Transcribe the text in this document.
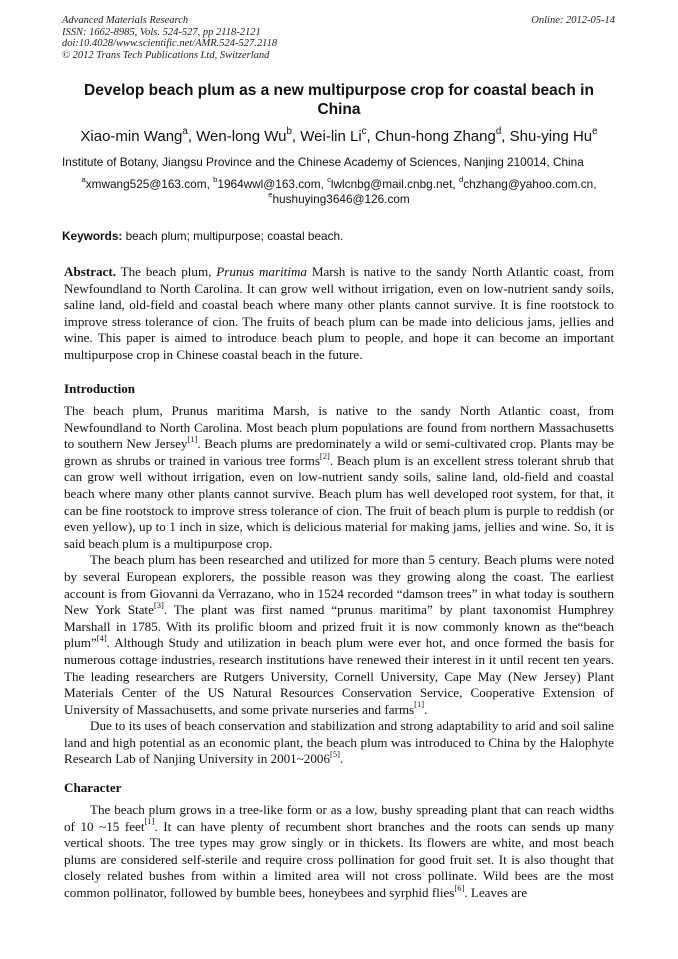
Advanced Materials Research
ISSN: 1662-8985, Vols. 524-527, pp 2118-2121
doi:10.4028/www.scientific.net/AMR.524-527.2118
© 2012 Trans Tech Publications Ltd, Switzerland
Online: 2012-05-14
Develop beach plum as a new multipurpose crop for coastal beach in China
Xiao-min Wang$^a$, Wen-long Wu$^b$, Wei-lin Li$^c$, Chun-hong Zhang$^d$, Shu-ying Hu$^e$
Institute of Botany, Jiangsu Province and the Chinese Academy of Sciences, Nanjing 210014, China
$^a$xmwang525@163.com, $^b$1964wwl@163.com, $^c$lwlcnbg@mail.cnbg.net, $^d$chzhang@yahoo.com.cn,
$^e$hushuying3646@126.com
Keywords: beach plum; multipurpose; coastal beach.

Abstract. The beach plum, Prunus maritima Marsh is native to the sandy North Atlantic coast, from Newfoundland to North Carolina. It can grow well without irrigation, even on low-nutrient sandy soils, saline land, old-field and coastal beach where many other plants cannot survive. It is fine rootstock to improve stress tolerance of cion. The fruits of beach plum can be made into delicious jams, jellies and wine. This paper is aimed to introduce beach plum to people, and hope it can become an important multipurpose crop in Chinese coastal beach in the future.

Introduction

The beach plum, Prunus maritima Marsh, is native to the sandy North Atlantic coast, from Newfoundland to North Carolina. Most beach plum populations are found from northern Massachusetts to southern New Jersey[1]. Beach plums are predominately a wild or semi-cultivated crop. Plants may be grown as shrubs or trained in various tree forms[2]. Beach plum is an excellent stress tolerant shrub that can grow well without irrigation, even on low-nutrient sandy soils, saline land, old-field and coastal beach where many other plants cannot survive. Beach plum has well developed root system, for that, it can be fine rootstock to improve stress tolerance of cion. The fruit of beach plum is purple to reddish (or even yellow), up to 1 inch in size, which is delicious material for making jams, jellies and wine. So, it is said beach plum is a multipurpose crop.

The beach plum has been researched and utilized for more than 5 century. Beach plums were noted by several European explorers, the possible reason was they growing along the coast. The earliest account is from Giovanni da Verrazano, who in 1524 recorded “damson trees” in what today is southern New York State[3]. The plant was first named “prunus maritima” by plant taxonomist Humphrey Marshall in 1785. With its prolific bloom and prized fruit it is now commonly known as the“beach plum”[4]. Although Study and utilization in beach plum were ever hot, and once formed the basis for numerous cottage industries, research institutions have renewed their interest in it until recent ten years. The leading researchers are Rutgers University, Cornell University, Cape May (New Jersey) Plant Materials Center of the US Natural Resources Conservation Service, Cooperative Extension of University of Massachusetts, and some private nurseries and farms[1].

Due to its uses of beach conservation and stabilization and strong adaptability to arid and soil saline land and high potential as an economic plant, the beach plum was introduced to China by the Halophyte Research Lab of Nanjing University in 2001~2006[5].

Character

The beach plum grows in a tree-like form or as a low, bushy spreading plant that can reach widths of 10 ~15 feet[1]. It can have plenty of recumbent short branches and the roots can sends up many vertical shoots. The tree types may grow singly or in thickets. Its flowers are white, and most beach plums are considered self-sterile and require cross pollination for good fruit set. It is also thought that closely related bushes from within a limited area will not cross pollinate. Wild bees are the most common pollinator, followed by bumble bees, honeybees and syrphid flies[6]. Leaves are
